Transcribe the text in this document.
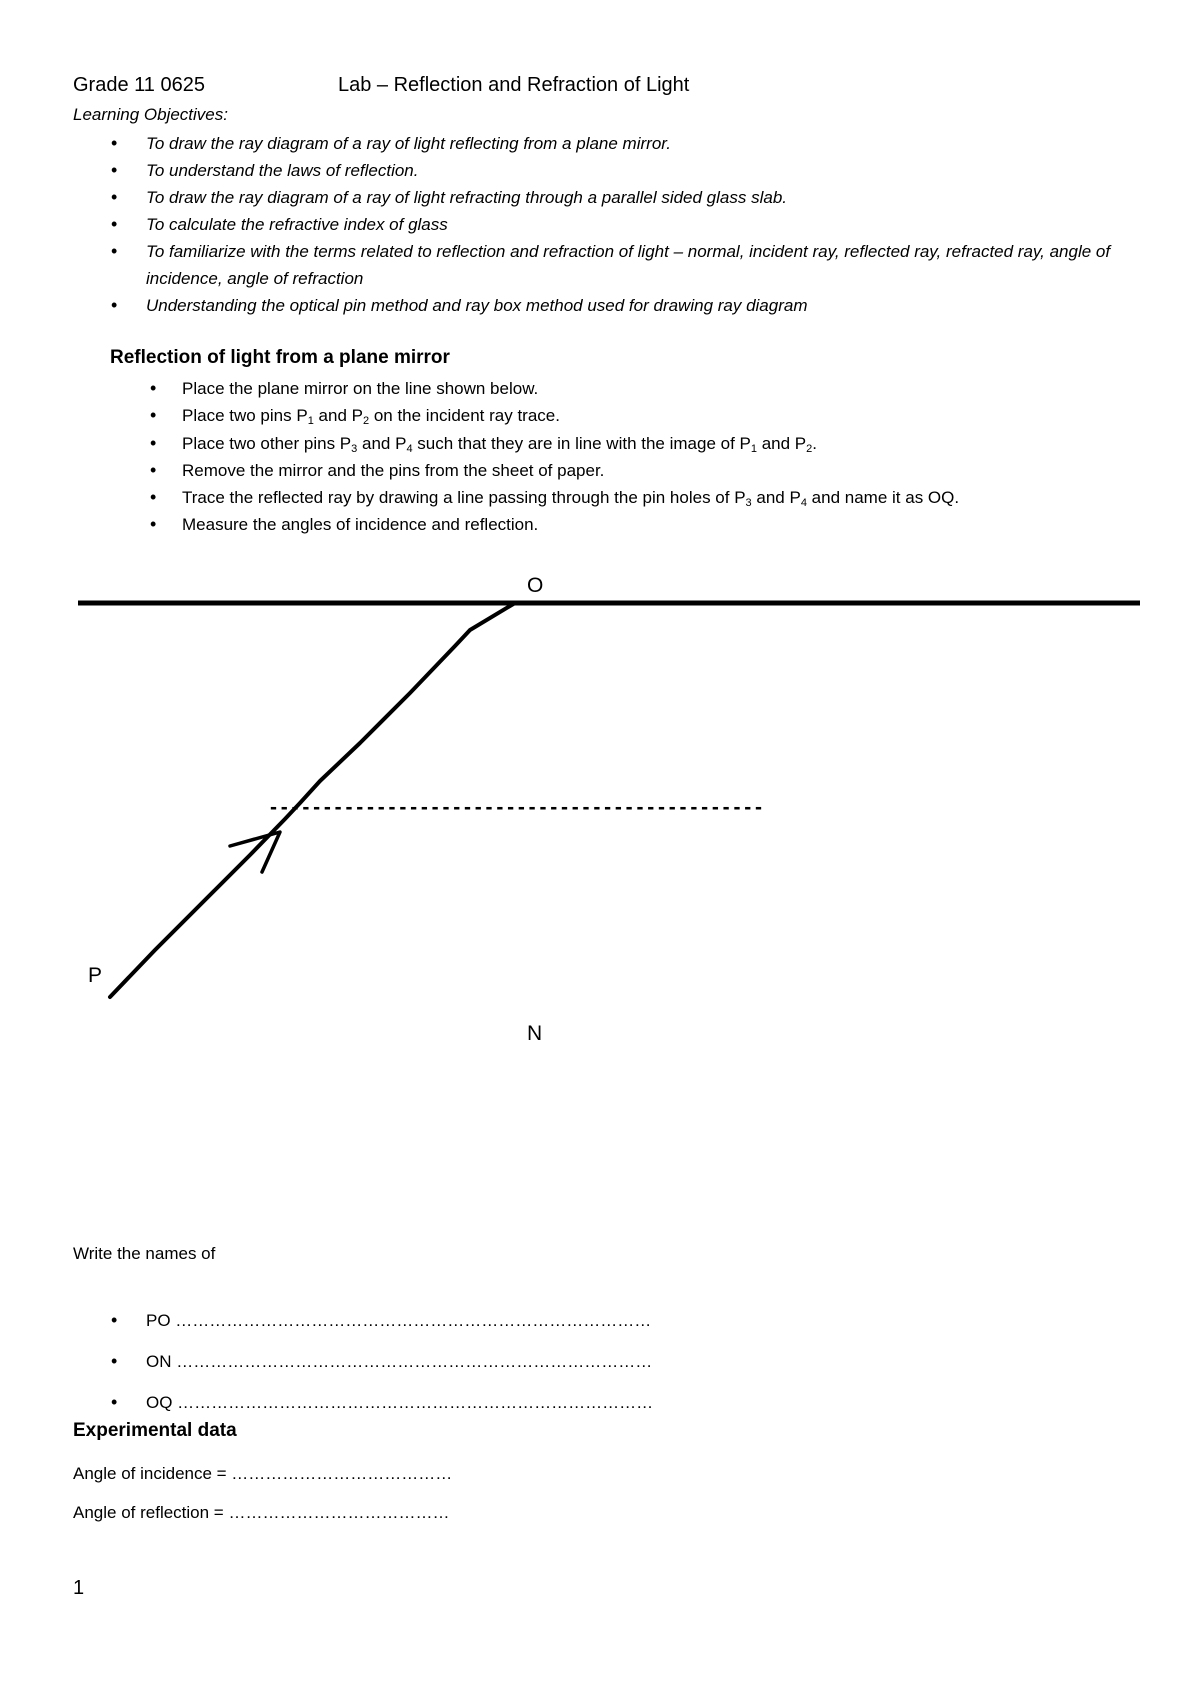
Grade 11 0625	Lab – Reflection and Refraction of Light
Learning Objectives:
• To draw the ray diagram of a ray of light reflecting from a plane mirror.
• To understand the laws of reflection.
• To draw the ray diagram of a ray of light refracting through a parallel sided glass slab.
• To calculate the refractive index of glass
• To familiarize with the terms related to reflection and refraction of light – normal, incident ray, reflected ray, refracted ray, angle of incidence, angle of refraction
• Understanding the optical pin method and ray box method used for drawing ray diagram
Reflection of light from a plane mirror
• Place the plane mirror on the line shown below.
• Place two pins $P_1$ and $P_2$ on the incident ray trace.
• Place two other pins $P_3$ and $P_4$ such that they are in line with the image of $P_1$ and $P_2$.
• Remove the mirror and the pins from the sheet of paper.
• Trace the reflected ray by drawing a line passing through the pin holes of $P_3$ and $P_4$ and name it as OQ.
• Measure the angles of incidence and reflection.
----------------------------------------------
O
P
N
Write the names of
• PO …………………………………………………………………………
• ON …………………………………………………………………………
• OQ …………………………………………………………………………
Experimental data
Angle of incidence = …………………………………
Angle of reflection = …………………………………
1
